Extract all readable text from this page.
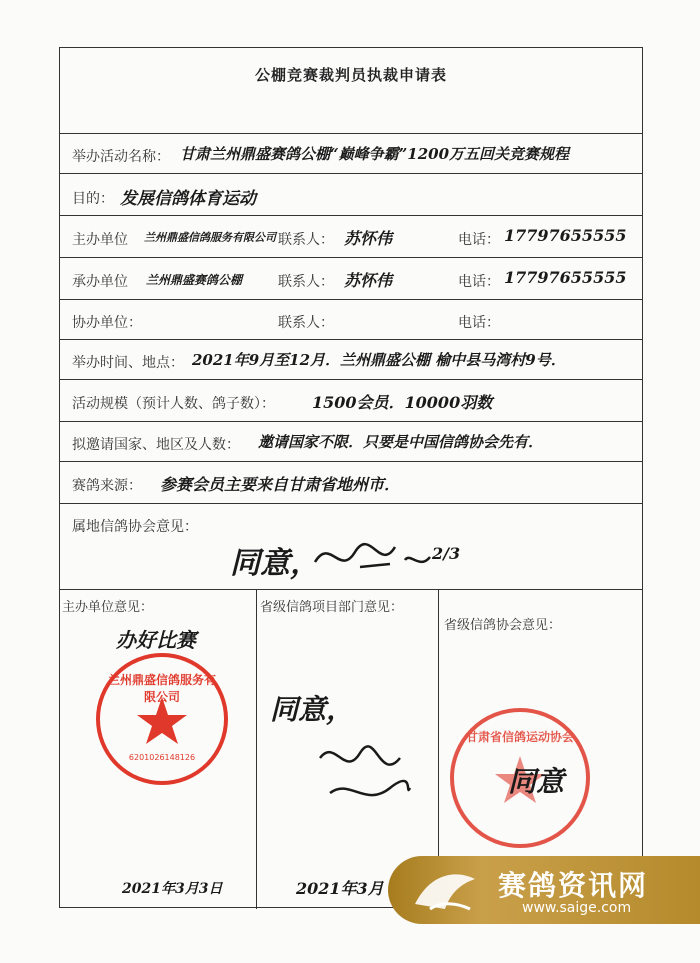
公棚竞赛裁判员执裁申请表
举办活动名称： 甘肃兰州鼎盛赛鸽公棚“巅峰争霸”1200万五回关竞赛规程
目的： 发展信鸽体育运动
主办单位 兰州鼎盛信鸽服务有限公司 联系人： 苏怀伟	电话： 17797655555
承办单位 兰州鼎盛赛鸽公棚	联系人： 苏怀伟	电话： 17797655555
协办单位：	联系人：	电话：
举办时间、地点： 2021年9月至12月．兰州鼎盛公棚 榆中县马湾村9号．
活动规模（预计人数、鸽子数）： 1500会员．10000羽数
拟邀请国家、地区及人数： 邀请国家不限．只要是中国信鸽协会先有．
赛鸽来源： 参赛会员主要来自甘肃省地州市．
属地信鸽协会意见：
同意，	2/3
主办单位意见：
办好比赛
兰州鼎盛信鸽服务有限公司
6201026148126
2021年3月3日
省级信鸽项目部门意见：
同意，
2021年3月
省级信鸽协会意见：
甘肃省信鸽运动协会
同意
赛鸽资讯网
www.saige.com
